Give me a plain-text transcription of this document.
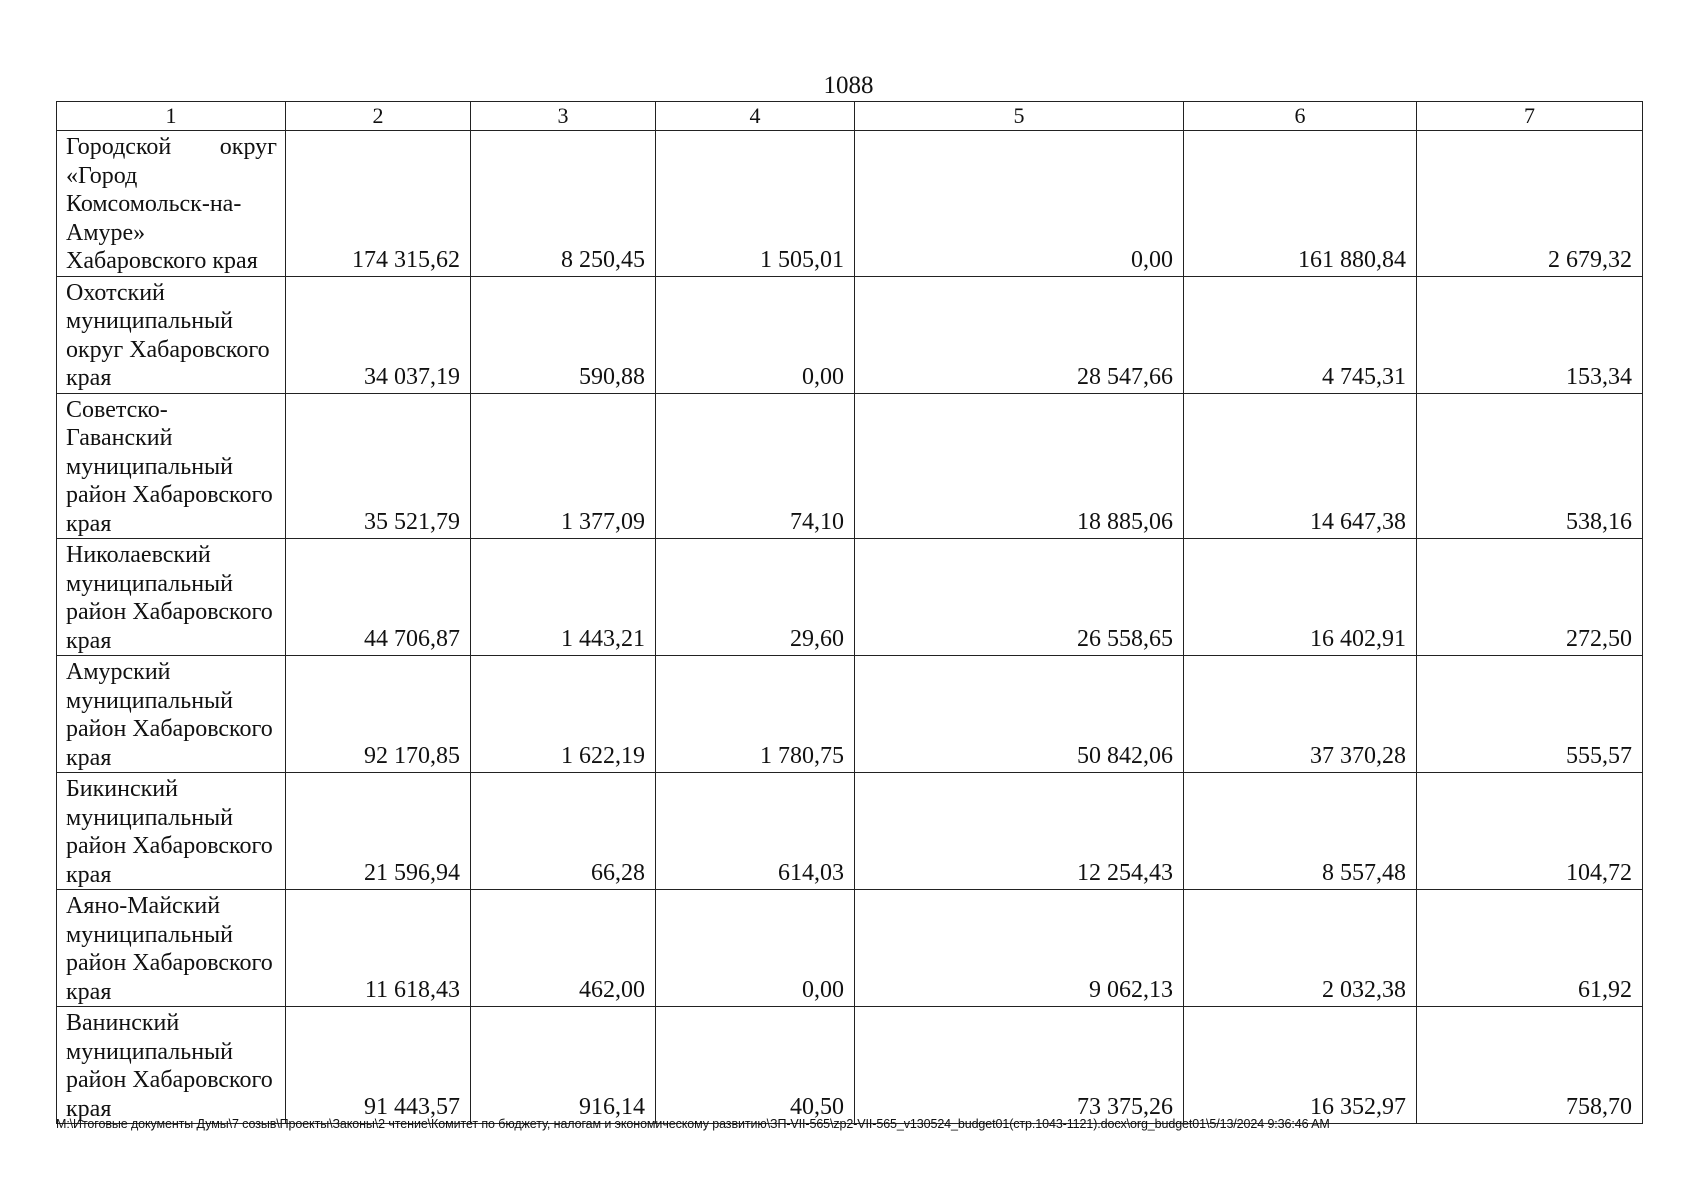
1088
1	2	3	4	5	6	7

Городской округ
«Город
Комсомольск-на-
Амуре»
Хабаровского края	174 315,62	8 250,45	1 505,01	0,00	161 880,84	2 679,32

Охотский
муниципальный
округ Хабаровского
края	34 037,19	590,88	0,00	28 547,66	4 745,31	153,34

Советско-
Гаванский
муниципальный
район Хабаровского
края	35 521,79	1 377,09	74,10	18 885,06	14 647,38	538,16

Николаевский
муниципальный
район Хабаровского
края	44 706,87	1 443,21	29,60	26 558,65	16 402,91	272,50

Амурский
муниципальный
район Хабаровского
края	92 170,85	1 622,19	1 780,75	50 842,06	37 370,28	555,57

Бикинский
муниципальный
район Хабаровского
края	21 596,94	66,28	614,03	12 254,43	8 557,48	104,72

Аяно-Майский
муниципальный
район Хабаровского
края	11 618,43	462,00	0,00	9 062,13	2 032,38	61,92

Ванинский
муниципальный
район Хабаровского
края	91 443,57	916,14	40,50	73 375,26	16 352,97	758,70
M:\Итоговые документы Думы\7 созыв\Проекты\Законы\2 чтение\Комитет по бюджету, налогам и экономическому развитию\ЗП-VII-565\zp2-VII-565_v130524_budget01(стр.1043-1121).docx\org_budget01\5/13/2024 9:36:46 AM
